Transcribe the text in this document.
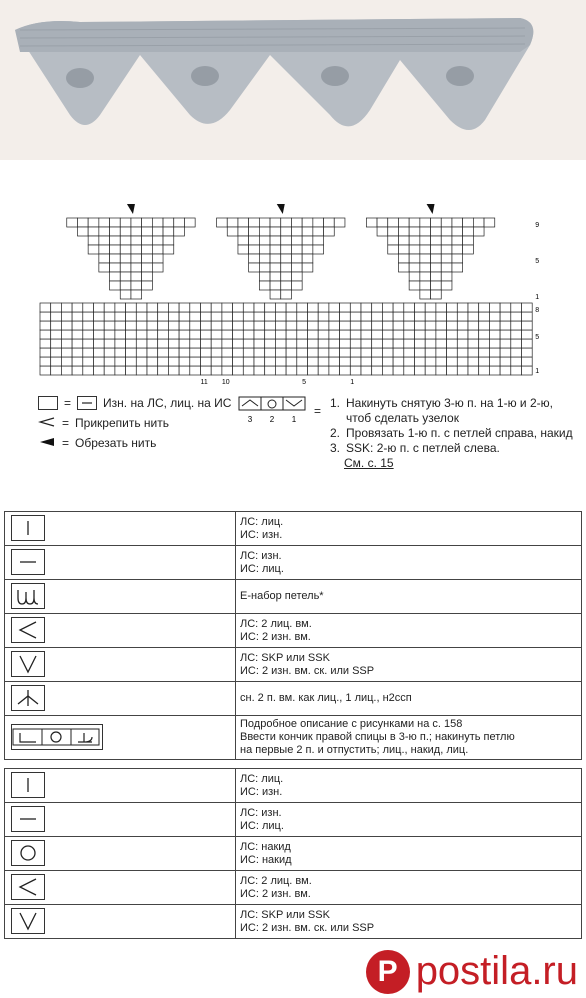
9
5
1
8
5
1
11 10	5	1
=	Изн. на ЛС, лиц. на ИС
= Прикрепить нить
= Обрезать нить
3 2 1
=
1. Накинуть снятую 3-ю п. на 1-ю и 2-ю, чтоб сделать узелок
2. Провязать 1-ю п. с петлей справа, накид
3. SSK: 2-ю п. с петлей слева.
См. с. 15

ЛС: лиц.
ИС: изн.

ЛС: изн.
ИС: лиц.

Е-набор петель*

ЛС: 2 лиц. вм.
ИС: 2 изн. вм.

ЛС: SKP или SSK
ИС: 2 изн. вм. ск. или SSP

сн. 2 п. вм. как лиц., 1 лиц., н2ссп

Подробное описание с рисунками на с. 158
Ввести кончик правой спицы в 3-ю п.; накинуть петлю
на первые 2 п. и отпустить; лиц., накид, лиц.

ЛС: лиц.
ИС: изн.

ЛС: изн.
ИС: лиц.

ЛС: накид
ИС: накид

ЛС: 2 лиц. вм.
ИС: 2 изн. вм.

ЛС: SKP или SSK
ИС: 2 изн. вм. ск. или SSP
P postila.ru
